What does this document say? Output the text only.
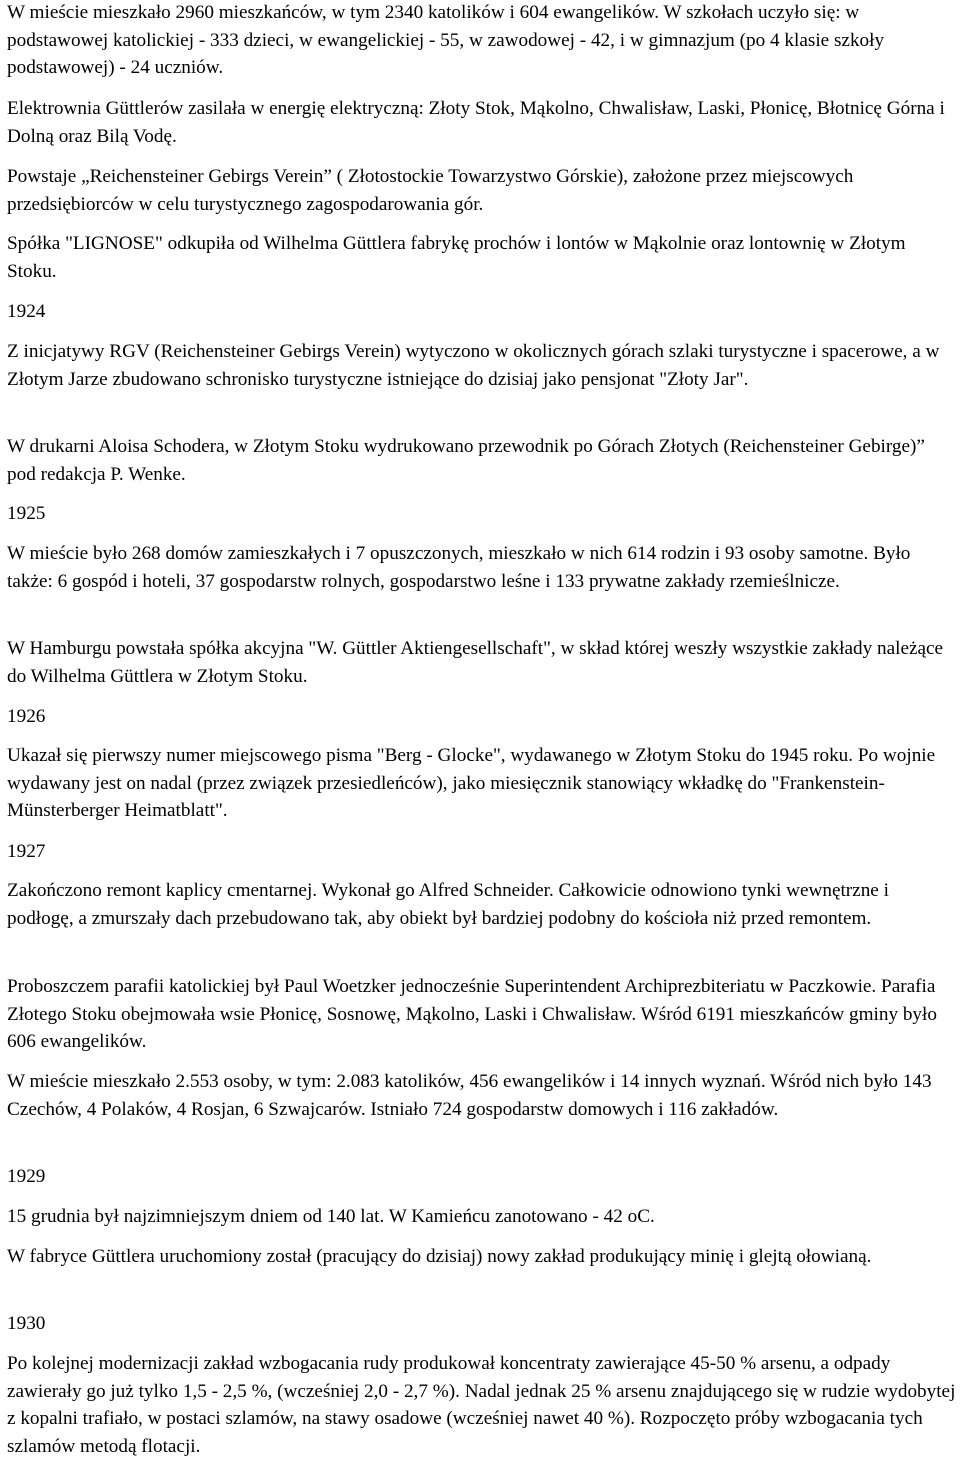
W mieście mieszkało 2960 mieszkańców, w tym 2340 katolików i 604 ewangelików. W szkołach uczyło się: w podstawowej katolickiej - 333 dzieci, w ewangelickiej - 55, w zawodowej - 42, i w gimnazjum (po 4 klasie szkoły podstawowej) - 24 uczniów.

Elektrownia Güttlerów zasilała w energię elektryczną: Złoty Stok, Mąkolno, Chwalisław, Laski, Płonicę, Błotnicę Górna i Dolną oraz Bilą Vodę.

Powstaje „Reichensteiner Gebirgs Verein” ( Złotostockie Towarzystwo Górskie), założone przez miejscowych przedsiębiorców w celu turystycznego zagospodarowania gór.

Spółka "LIGNOSE" odkupiła od Wilhelma Güttlera fabrykę prochów i lontów w Mąkolnie oraz lontownię w Złotym Stoku.

1924

Z inicjatywy RGV (Reichensteiner Gebirgs Verein) wytyczono w okolicznych górach szlaki turystyczne i spacerowe, a w Złotym Jarze zbudowano schronisko turystyczne istniejące do dzisiaj jako pensjonat "Złoty Jar".

W drukarni Aloisa Schodera, w Złotym Stoku wydrukowano przewodnik po Górach Złotych (Reichensteiner Gebirge)” pod redakcja P. Wenke.

1925

W mieście było 268 domów zamieszkałych i 7 opuszczonych, mieszkało w nich 614 rodzin i 93 osoby samotne. Było także: 6 gospód i hoteli, 37 gospodarstw rolnych, gospodarstwo leśne i 133 prywatne zakłady rzemieślnicze.

W Hamburgu powstała spółka akcyjna "W. Güttler Aktiengesellschaft", w skład której weszły wszystkie zakłady należące do Wilhelma Güttlera w Złotym Stoku.

1926

Ukazał się pierwszy numer miejscowego pisma "Berg - Glocke", wydawanego w Złotym Stoku do 1945 roku. Po wojnie wydawany jest on nadal (przez związek przesiedleńców), jako miesięcznik stanowiący wkładkę do "Frankenstein-Münsterberger Heimatblatt".

1927

Zakończono remont kaplicy cmentarnej. Wykonał go Alfred Schneider. Całkowicie odnowiono tynki wewnętrzne i podłogę, a zmurszały dach przebudowano tak, aby obiekt był bardziej podobny do kościoła niż przed remontem.

Proboszczem parafii katolickiej był Paul Woetzker jednocześnie Superintendent Archiprezbiteriatu w Paczkowie. Parafia Złotego Stoku obejmowała wsie Płonicę, Sosnowę, Mąkolno, Laski i Chwalisław. Wśród 6191 mieszkańców gminy było 606 ewangelików.

W mieście mieszkało 2.553 osoby, w tym: 2.083 katolików, 456 ewangelików i 14 innych wyznań. Wśród nich było 143 Czechów, 4 Polaków, 4 Rosjan, 6 Szwajcarów. Istniało 724 gospodarstw domowych i 116 zakładów.

1929

15 grudnia był najzimniejszym dniem od 140 lat. W Kamieńcu zanotowano - 42 oC.

W fabryce Güttlera uruchomiony został (pracujący do dzisiaj) nowy zakład produkujący minię i glejtą ołowianą.

1930

Po kolejnej modernizacji zakład wzbogacania rudy produkował koncentraty zawierające 45-50 % arsenu, a odpady zawierały go już tylko 1,5 - 2,5 %, (wcześniej 2,0 - 2,7 %). Nadal jednak 25 % arsenu znajdującego się w rudzie wydobytej z kopalni trafiało, w postaci szlamów, na stawy osadowe (wcześniej nawet 40 %). Rozpoczęto próby wzbogacania tych szlamów metodą flotacji.
